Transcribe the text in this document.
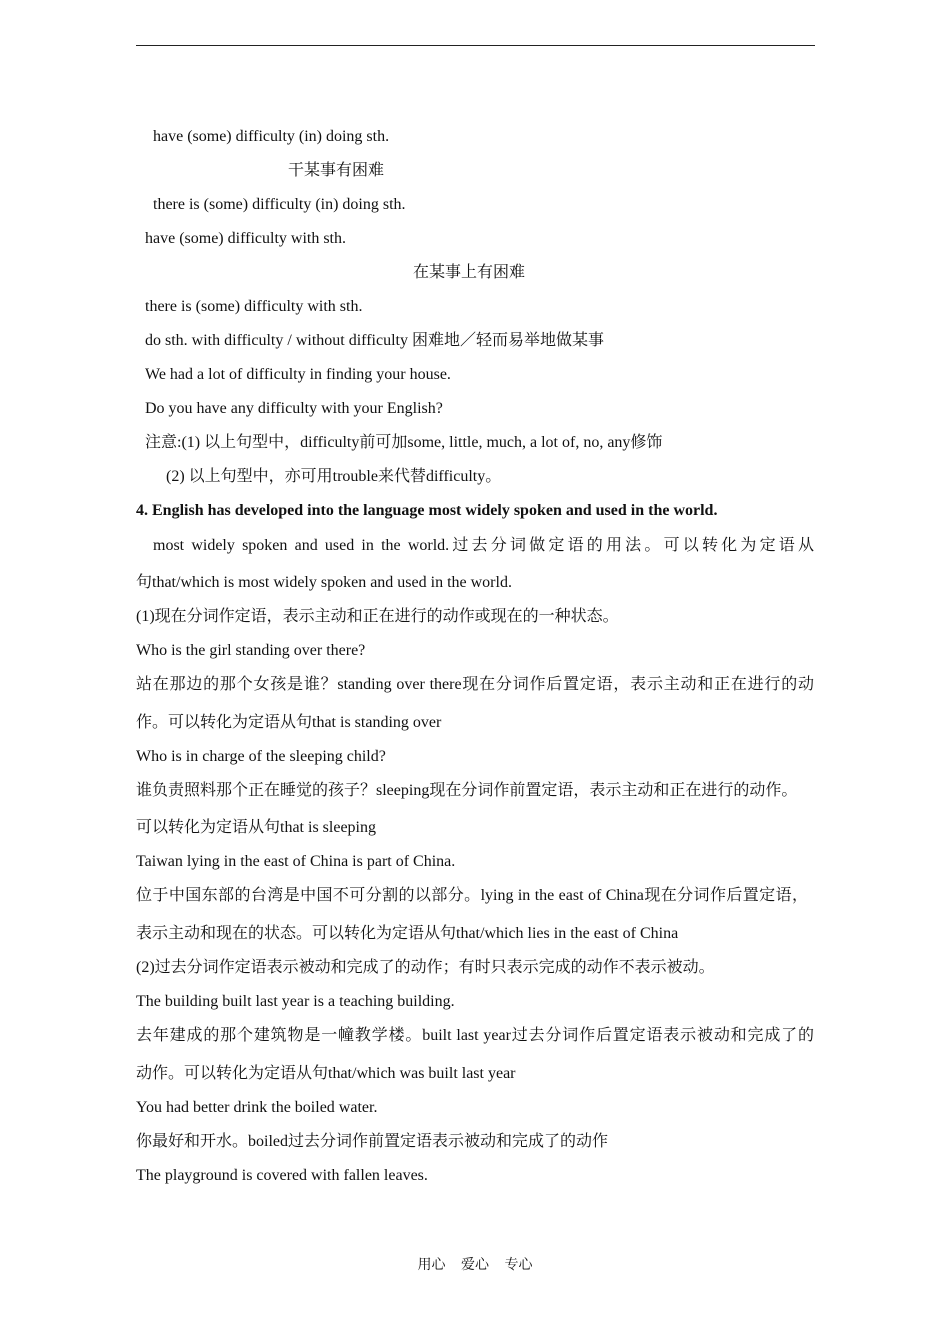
have (some) difficulty (in) doing sth.
干某事有困难
there is (some) difficulty (in) doing sth.
have (some) difficulty with sth.
在某事上有困难
there is (some) difficulty with sth.
do sth. with difficulty / without difficulty 困难地／轻而易举地做某事
We had a lot of difficulty in finding your house.
Do you have any difficulty with your English?
注意:(1) 以上句型中，difficulty前可加some, little, much, a lot of, no, any修饰
(2) 以上句型中，亦可用trouble来代替difficulty。
4. English has developed into the language most widely spoken and used in the world.
most widely spoken and used in the world.过去分词做定语的用法。可以转化为定语从
句that/which is most widely spoken and used in the world.
(1)现在分词作定语，表示主动和正在进行的动作或现在的一种状态。
Who is the girl standing over there?
站在那边的那个女孩是谁？standing over there现在分词作后置定语，表示主动和正在进行的动
作。可以转化为定语从句that is standing over
Who is in charge of the sleeping child?
谁负责照料那个正在睡觉的孩子？sleeping现在分词作前置定语，表示主动和正在进行的动作。
可以转化为定语从句that is sleeping
Taiwan lying in the east of China is part of China.
位于中国东部的台湾是中国不可分割的以部分。lying in the east of China现在分词作后置定语，
表示主动和现在的状态。可以转化为定语从句that/which lies in the east of China
(2)过去分词作定语表示被动和完成了的动作；有时只表示完成的动作不表示被动。
The building built last year is a teaching building.
去年建成的那个建筑物是一幢教学楼。built last year过去分词作后置定语表示被动和完成了的
动作。可以转化为定语从句that/which was built last year
You had better drink the boiled water.
你最好和开水。boiled过去分词作前置定语表示被动和完成了的动作
The playground is covered with fallen leaves.
用心 爱心 专心
